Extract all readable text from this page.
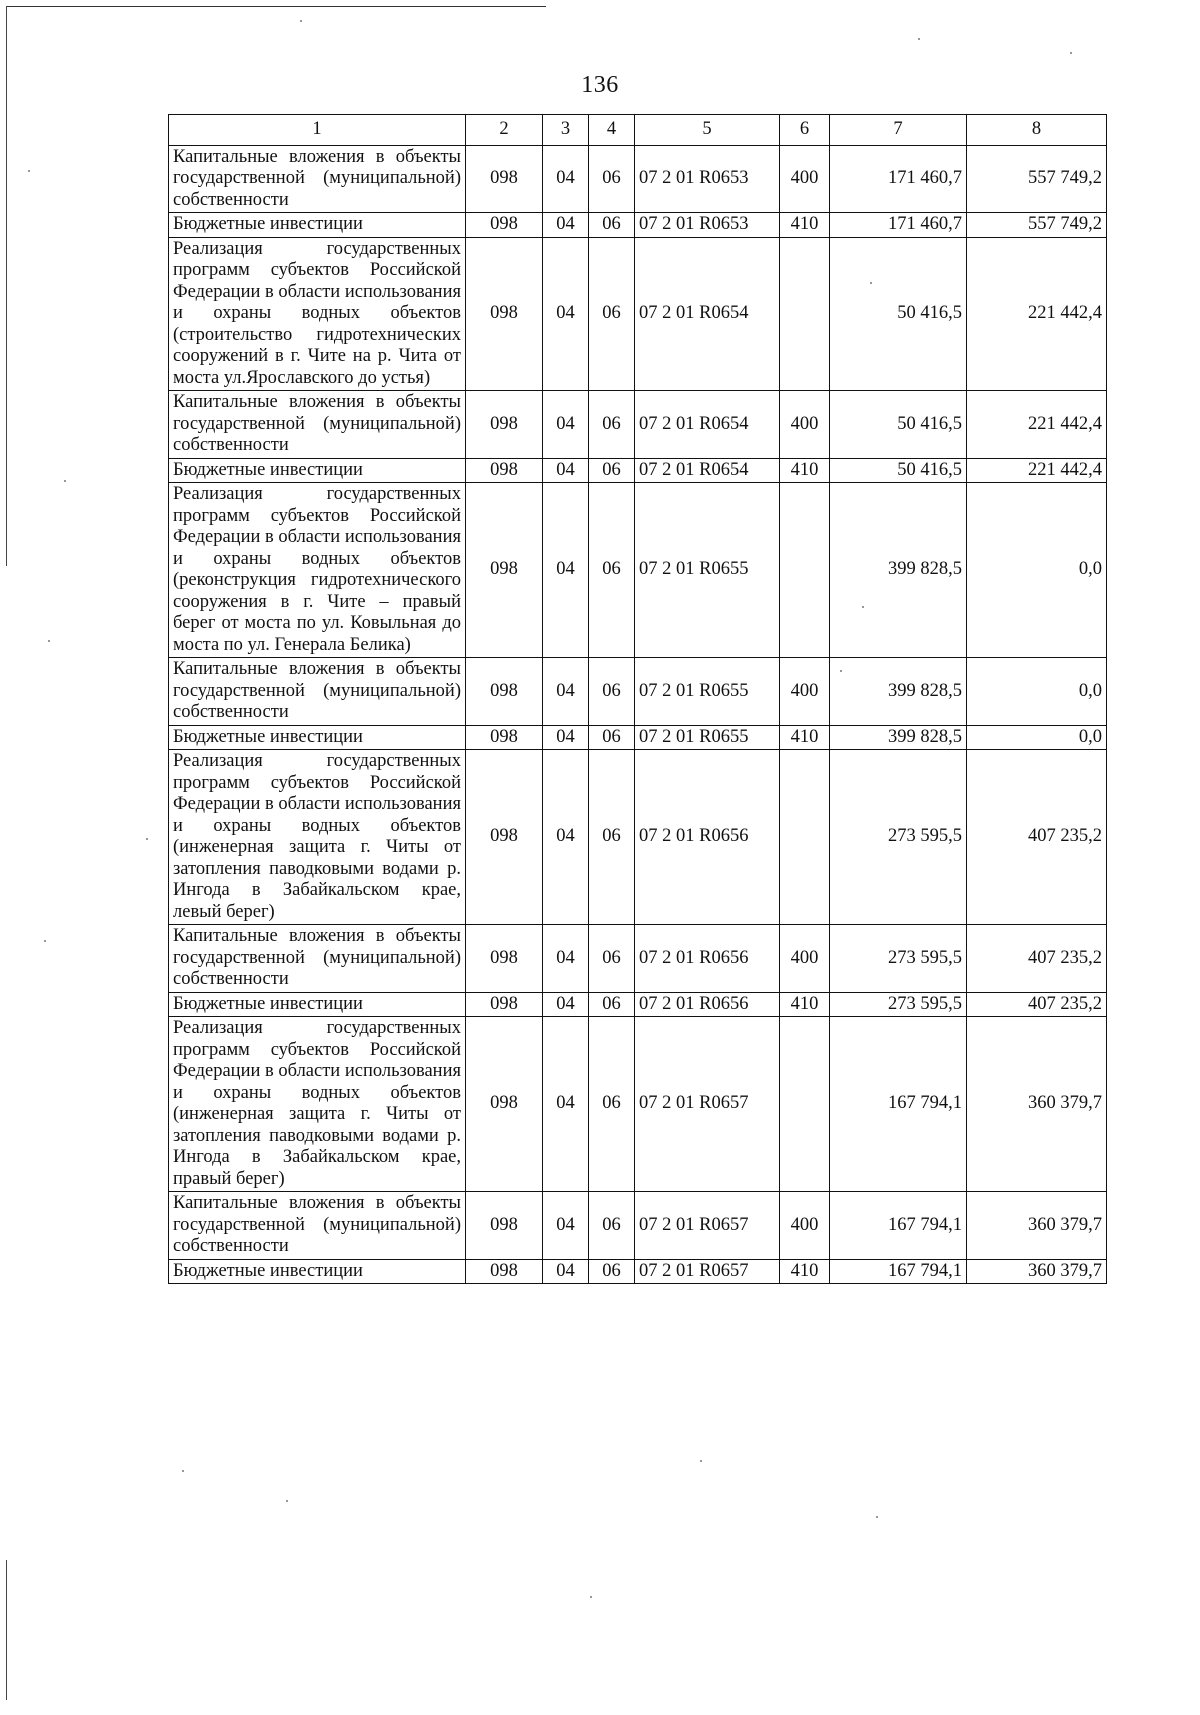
136
1	2	3	4	5	6	7	8
Капитальные вложения в объекты государственной (муниципальной) собственности	098	04	06	07 2 01 R0653	400	171 460,7	557 749,2
Бюджетные инвестиции	098	04	06	07 2 01 R0653	410	171 460,7	557 749,2
Реализация государственных программ субъектов Российской Федерации в области использования и охраны водных объектов (строительство гидротехнических сооружений в г. Чите на р. Чита от моста ул.Ярославского до устья)	098	04	06	07 2 01 R0654		50 416,5	221 442,4
Капитальные вложения в объекты государственной (муниципальной) собственности	098	04	06	07 2 01 R0654	400	50 416,5	221 442,4
Бюджетные инвестиции	098	04	06	07 2 01 R0654	410	50 416,5	221 442,4
Реализация государственных программ субъектов Российской Федерации в области использования и охраны водных объектов (реконструкция гидротехнического сооружения в г. Чите – правый берег от моста по ул. Ковыльная до моста по ул. Генерала Белика)	098	04	06	07 2 01 R0655		399 828,5	0,0
Капитальные вложения в объекты государственной (муниципальной) собственности	098	04	06	07 2 01 R0655	400	399 828,5	0,0
Бюджетные инвестиции	098	04	06	07 2 01 R0655	410	399 828,5	0,0
Реализация государственных программ субъектов Российской Федерации в области использования и охраны водных объектов (инженерная защита г. Читы от затопления паводковыми водами р. Ингода в Забайкальском крае, левый берег)	098	04	06	07 2 01 R0656		273 595,5	407 235,2
Капитальные вложения в объекты государственной (муниципальной) собственности	098	04	06	07 2 01 R0656	400	273 595,5	407 235,2
Бюджетные инвестиции	098	04	06	07 2 01 R0656	410	273 595,5	407 235,2
Реализация государственных программ субъектов Российской Федерации в области использования и охраны водных объектов (инженерная защита г. Читы от затопления паводковыми водами р. Ингода в Забайкальском крае, правый берег)	098	04	06	07 2 01 R0657		167 794,1	360 379,7
Капитальные вложения в объекты государственной (муниципальной) собственности	098	04	06	07 2 01 R0657	400	167 794,1	360 379,7
Бюджетные инвестиции	098	04	06	07 2 01 R0657	410	167 794,1	360 379,7
